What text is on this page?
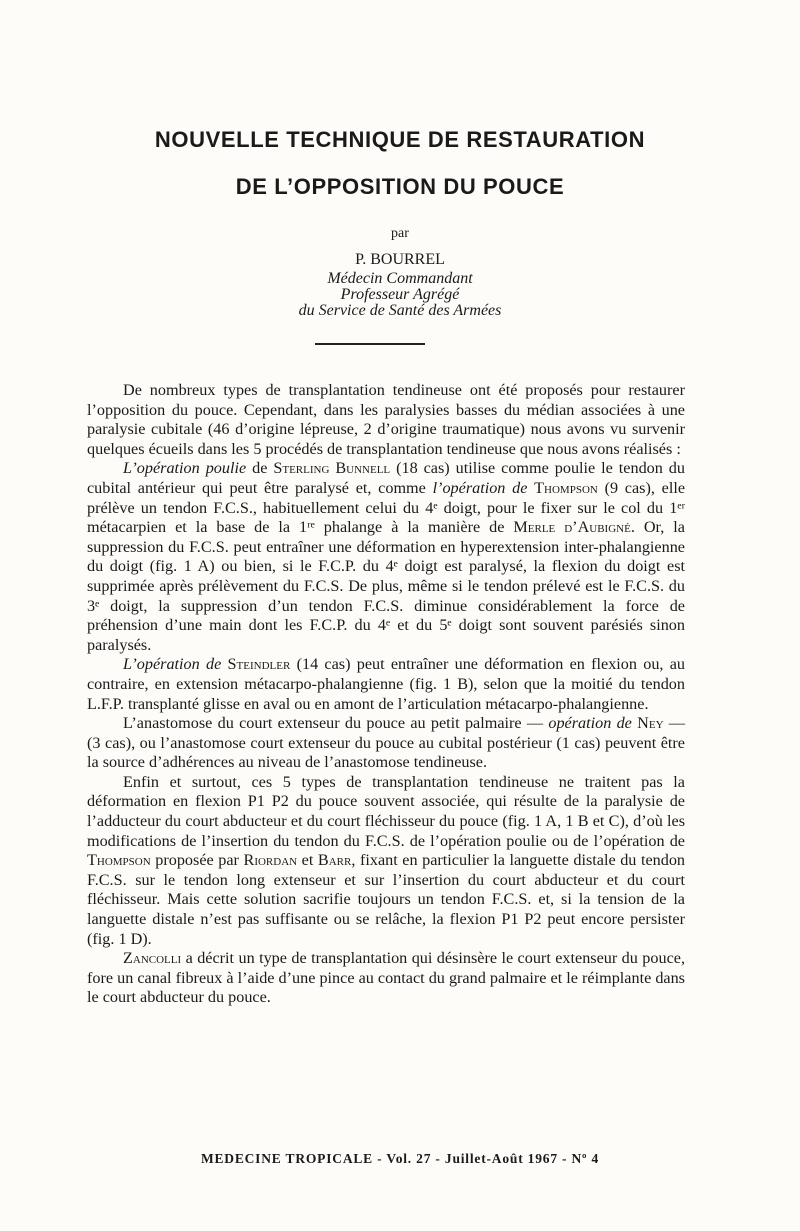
NOUVELLE TECHNIQUE DE RESTAURATION
DE L’OPPOSITION DU POUCE
par
P. BOURREL
Médecin Commandant
Professeur Agrégé
du Service de Santé des Armées

De nombreux types de transplantation tendineuse ont été proposés pour restaurer l’opposition du pouce. Cependant, dans les paralysies basses du médian associées à une paralysie cubitale (46 d’origine lépreuse, 2 d’origine traumatique) nous avons vu survenir quelques écueils dans les 5 procédés de transplantation tendineuse que nous avons réalisés :

L’opération poulie de Sterling Bunnell (18 cas) utilise comme poulie le tendon du cubital antérieur qui peut être paralysé et, comme l’opération de Thompson (9 cas), elle prélève un tendon F.C.S., habituellement celui du 4ᵉ doigt, pour le fixer sur le col du 1ᵉʳ métacarpien et la base de la 1ʳᵉ phalange à la manière de Merle d’Aubigné. Or, la suppression du F.C.S. peut entraîner une déformation en hyperextension inter-phalangienne du doigt (fig. 1 A) ou bien, si le F.C.P. du 4ᵉ doigt est paralysé, la flexion du doigt est supprimée après prélèvement du F.C.S. De plus, même si le tendon prélevé est le F.C.S. du 3ᵉ doigt, la suppression d’un tendon F.C.S. diminue considérablement la force de préhension d’une main dont les F.C.P. du 4ᵉ et du 5ᵉ doigt sont souvent parésiés sinon paralysés.

L’opération de Steindler (14 cas) peut entraîner une déformation en flexion ou, au contraire, en extension métacarpo-phalangienne (fig. 1 B), selon que la moitié du tendon L.F.P. transplanté glisse en aval ou en amont de l’articulation métacarpo-phalangienne.

L’anastomose du court extenseur du pouce au petit palmaire — opération de Ney — (3 cas), ou l’anastomose court extenseur du pouce au cubital postérieur (1 cas) peuvent être la source d’adhérences au niveau de l’anastomose tendineuse.

Enfin et surtout, ces 5 types de transplantation tendineuse ne traitent pas la déformation en flexion P1 P2 du pouce souvent associée, qui résulte de la paralysie de l’adducteur du court abducteur et du court fléchisseur du pouce (fig. 1 A, 1 B et C), d’où les modifications de l’insertion du tendon du F.C.S. de l’opération poulie ou de l’opération de Thompson proposée par Riordan et Barr, fixant en particulier la languette distale du tendon F.C.S. sur le tendon long extenseur et sur l’insertion du court abducteur et du court fléchisseur. Mais cette solution sacrifie toujours un tendon F.C.S. et, si la tension de la languette distale n’est pas suffisante ou se relâche, la flexion P1 P2 peut encore persister (fig. 1 D).

Zancolli a décrit un type de transplantation qui désinsère le court extenseur du pouce, fore un canal fibreux à l’aide d’une pince au contact du grand palmaire et le réimplante dans le court abducteur du pouce.

MEDECINE TROPICALE - Vol. 27 - Juillet-Août 1967 - Nº 4
